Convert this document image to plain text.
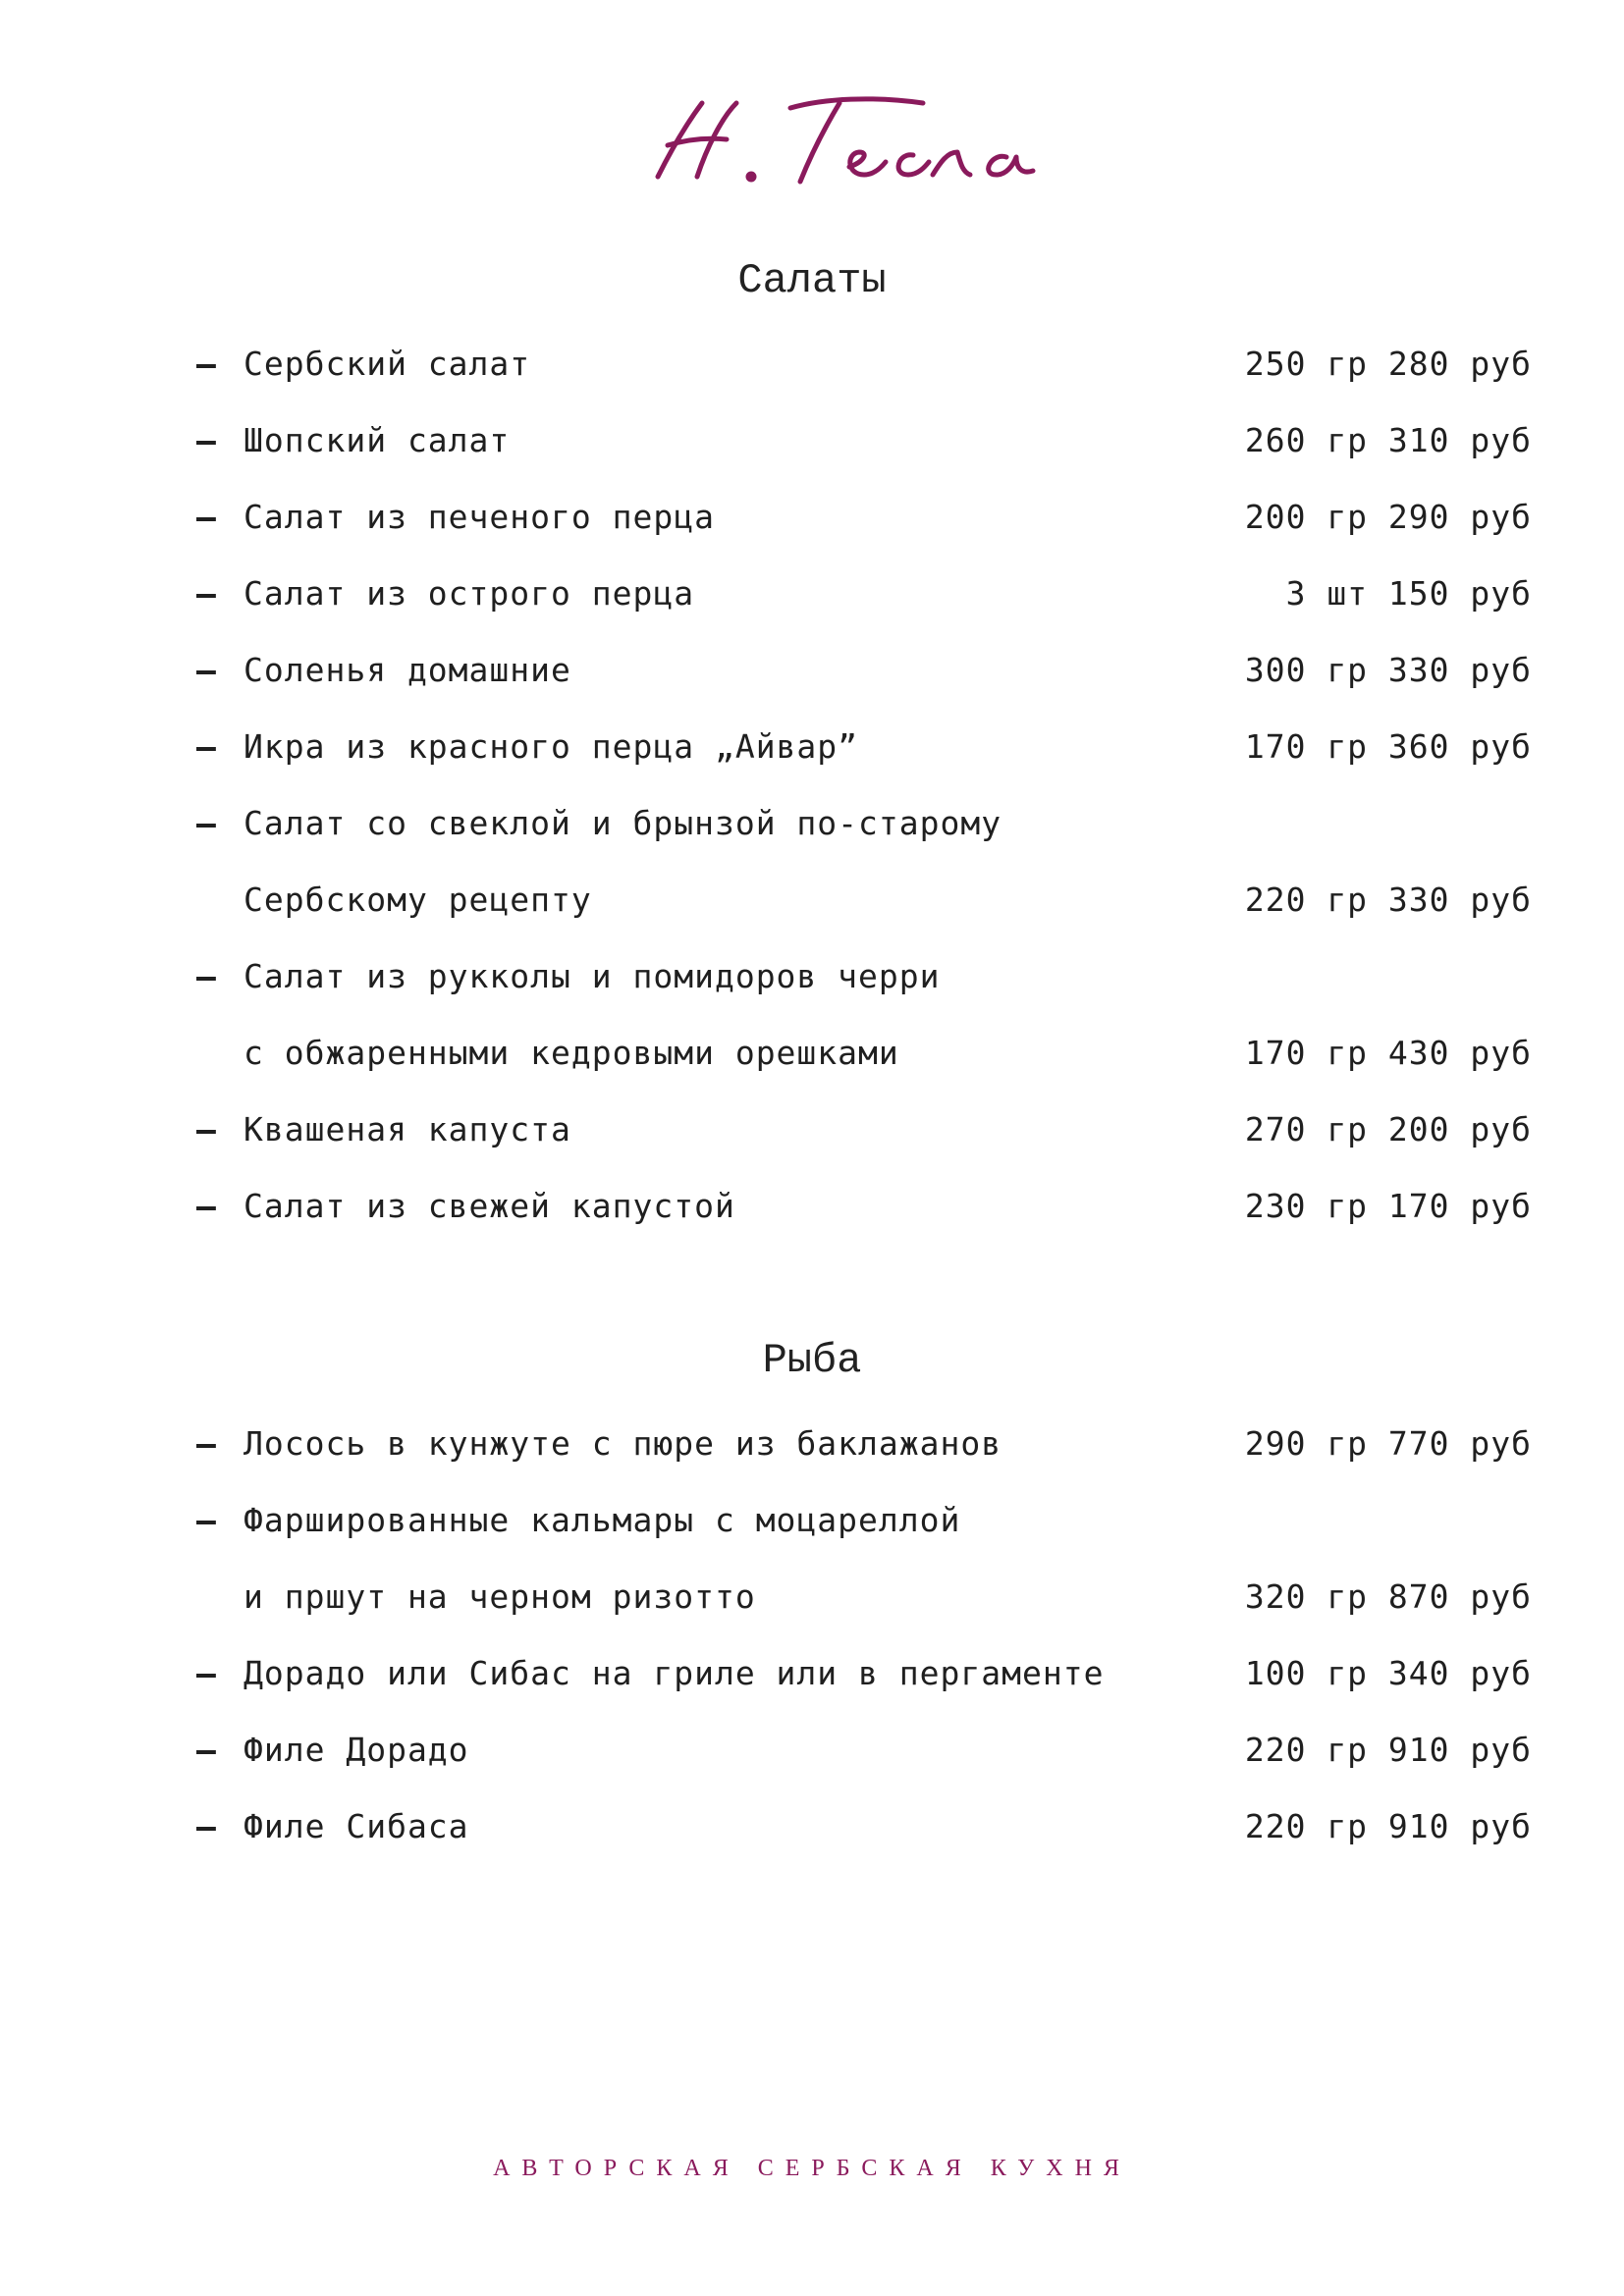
Салаты
– Сербский салат	250 гр 280 руб
– Шопский салат	260 гр 310 руб
– Салат из печеного перца	200 гр 290 руб
– Салат из острого перца	3 шт 150 руб
– Соленья домашние	300 гр 330 руб
– Икра из красного перца „Айвар”	170 гр 360 руб
– Салат со свеклой и брынзой по-старому
Сербскому рецепту	220 гр 330 руб
– Салат из рукколы и помидоров черри
с обжаренными кедровыми орешками	170 гр 430 руб
– Квашеная капуста	270 гр 200 руб
– Салат из свежей капустой	230 гр 170 руб
Рыба
– Лосось в кунжуте с пюре из баклажанов	290 гр 770 руб
– Фаршированные кальмары с моцареллой
и пршут на черном ризотто	320 гр 870 руб
– Дорадо или Сибас на гриле или в пергаменте	100 гр 340 руб
– Филе Дорадо	220 гр 910 руб
– Филе Сибаса	220 гр 910 руб
АВТОРСКАЯ СЕРБСКАЯ КУХНЯ
